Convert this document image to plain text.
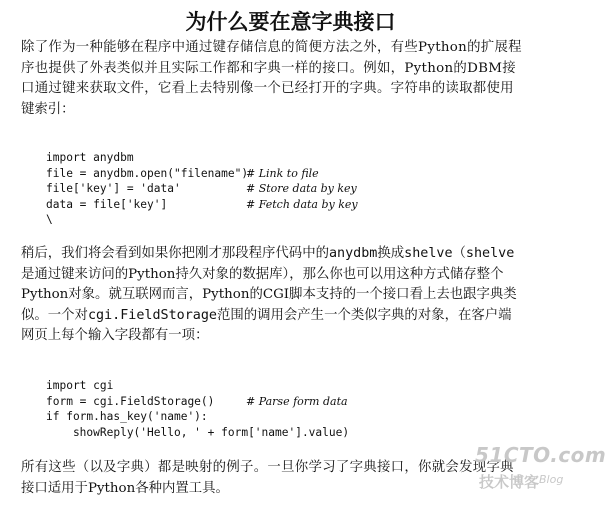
为什么要在意字典接口
除了作为一种能够在程序中通过键存储信息的简便方法之外，有些Python的扩展程
序也提供了外表类似并且实际工作都和字典一样的接口。例如，Python的DBM接
口通过键来获取文件，它看上去特别像一个已经打开的字典。字符串的读取都使用
键索引：
import anydbm
file = anydbm.open("filename")
# Link to file
file['key'] = 'data'	# Store data by key
data = file['key']	# Fetch data by key
\
稍后，我们将会看到如果你把刚才那段程序代码中的anydbm换成shelve（shelve
是通过键来访问的Python持久对象的数据库），那么你也可以用这种方式储存整个
Python对象。就互联网而言，Python的CGI脚本支持的一个接口看上去也跟字典类
似。一个对cgi.FieldStorage范围的调用会产生一个类似字典的对象，在客户端
网页上每个输入字段都有一项：
import cgi
form = cgi.FieldStorage()	# Parse form data
if form.has_key('name'):
showReply('Hello, ' + form['name'].value)
所有这些（以及字典）都是映射的例子。一旦你学习了字典接口，你就会发现字典
接口适用于Python各种内置工具。
51CTO.com
技术博客 Blog
